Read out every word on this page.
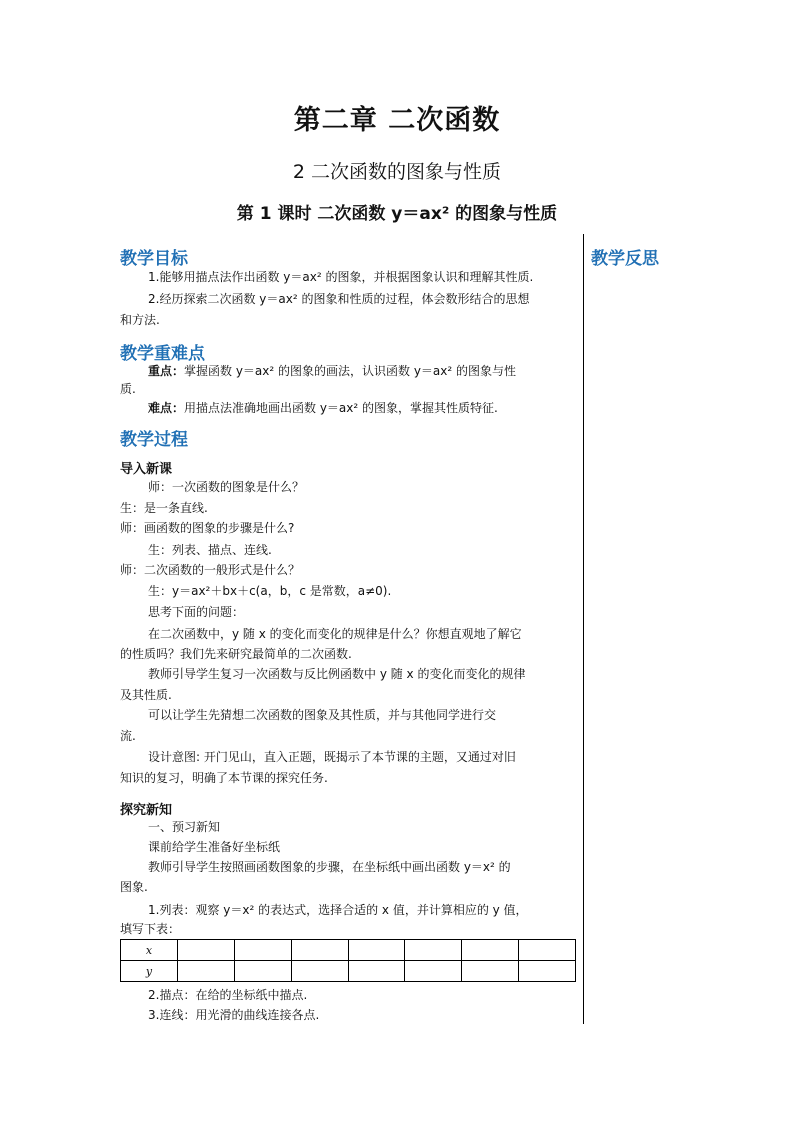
第二章 二次函数
2 二次函数的图象与性质
第 1 课时 二次函数 y＝ax² 的图象与性质
教学反思
教学目标
1.能够用描点法作出函数 y＝ax² 的图象，并根据图象认识和理解其性质.
2.经历探索二次函数 y＝ax² 的图象和性质的过程，体会数形结合的思想
和方法.
教学重难点
重点：掌握函数 y＝ax² 的图象的画法，认识函数 y＝ax² 的图象与性
质.
难点：用描点法准确地画出函数 y＝ax² 的图象，掌握其性质特征.
教学过程
导入新课
师：一次函数的图象是什么？
生：是一条直线.
师：画函数的图象的步骤是什么?
生：列表、描点、连线.
师：二次函数的一般形式是什么？
生：y＝ax²＋bx＋c(a，b，c 是常数，a≠0).
思考下面的问题：
在二次函数中，y 随 x 的变化而变化的规律是什么？你想直观地了解它
的性质吗？我们先来研究最简单的二次函数.
教师引导学生复习一次函数与反比例函数中 y 随 x 的变化而变化的规律
及其性质.
可以让学生先猜想二次函数的图象及其性质，并与其他同学进行交
流.
设计意图: 开门见山，直入正题，既揭示了本节课的主题，又通过对旧
知识的复习，明确了本节课的探究任务.
探究新知
一、预习新知
课前给学生准备好坐标纸
教师引导学生按照画函数图象的步骤，在坐标纸中画出函数 y＝x² 的
图象.
1.列表：观察 y＝x² 的表达式，选择合适的 x 值，并计算相应的 y 值，
填写下表：
x							
y							
2.描点：在给的坐标纸中描点.
3.连线：用光滑的曲线连接各点.
